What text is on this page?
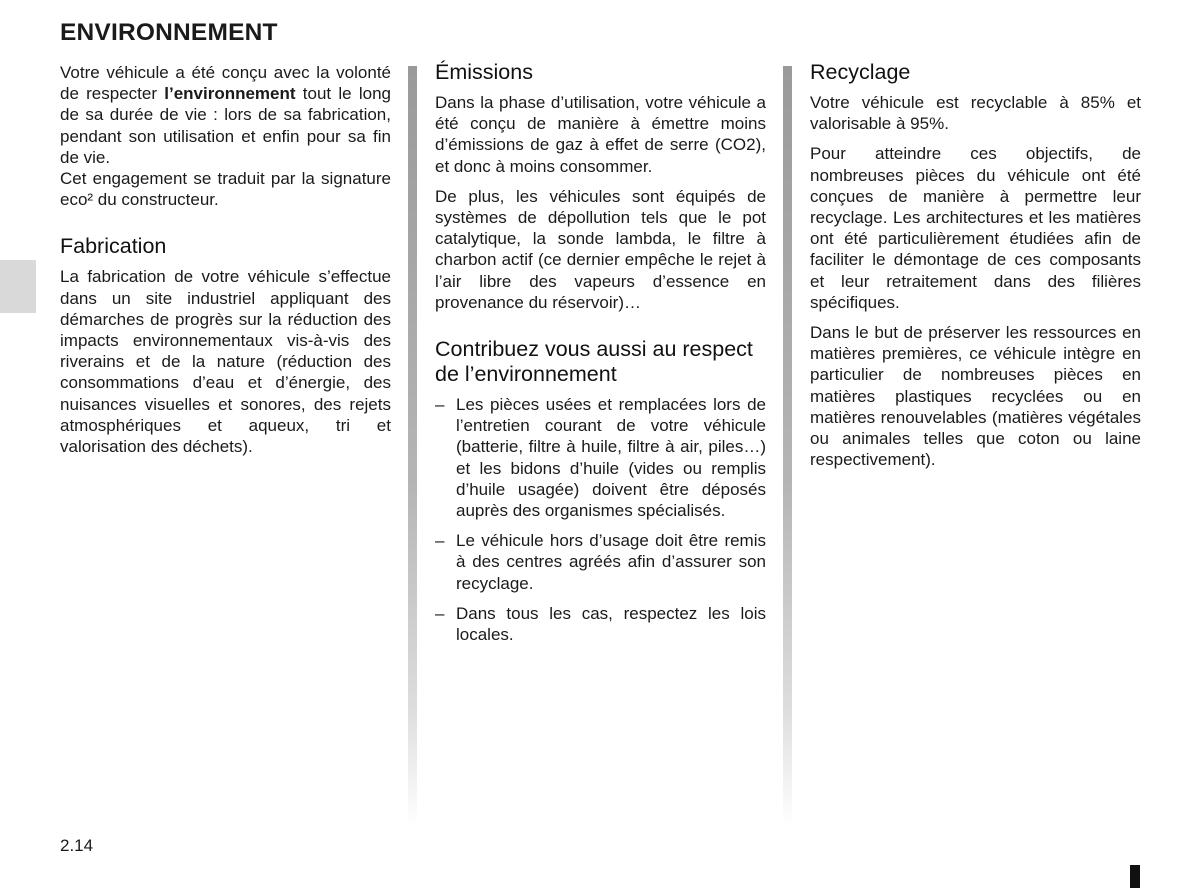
ENVIRONNEMENT

Votre véhicule a été conçu avec la volonté de respecter l’environnement tout le long de sa durée de vie : lors de sa fabrication, pendant son utilisation et enfin pour sa fin de vie.

Cet engagement se traduit par la signature eco² du constructeur.

Fabrication

La fabrication de votre véhicule s’effectue dans un site industriel appliquant des démarches de progrès sur la réduction des impacts environnementaux vis-à-vis des riverains et de la nature (réduction des consommations d’eau et d’énergie, des nuisances visuelles et sonores, des rejets atmosphériques et aqueux, tri et valorisation des déchets).

Émissions

Dans la phase d’utilisation, votre véhicule a été conçu de manière à émettre moins d’émissions de gaz à effet de serre (CO2), et donc à moins consommer.

De plus, les véhicules sont équipés de systèmes de dépollution tels que le pot catalytique, la sonde lambda, le filtre à charbon actif (ce dernier empêche le rejet à l’air libre des vapeurs d’essence en provenance du réservoir)…

Contribuez vous aussi au respect de l’environnement
– Les pièces usées et remplacées lors de l’entretien courant de votre véhicule (batterie, filtre à huile, filtre à air, piles…) et les bidons d’huile (vides ou remplis d’huile usagée) doivent être déposés auprès des organismes spécialisés.
– Le véhicule hors d’usage doit être remis à des centres agréés afin d’assurer son recyclage.
– Dans tous les cas, respectez les lois locales.
Recyclage

Votre véhicule est recyclable à 85% et valorisable à 95%.

Pour atteindre ces objectifs, de nombreuses pièces du véhicule ont été conçues de manière à permettre leur recyclage. Les architectures et les matières ont été particulièrement étudiées afin de faciliter le démontage de ces composants et leur retraitement dans des filières spécifiques.

Dans le but de préserver les ressources en matières premières, ce véhicule intègre en particulier de nombreuses pièces en matières plastiques recyclées ou en matières renouvelables (matières végétales ou animales telles que coton ou laine respectivement).

2.14
